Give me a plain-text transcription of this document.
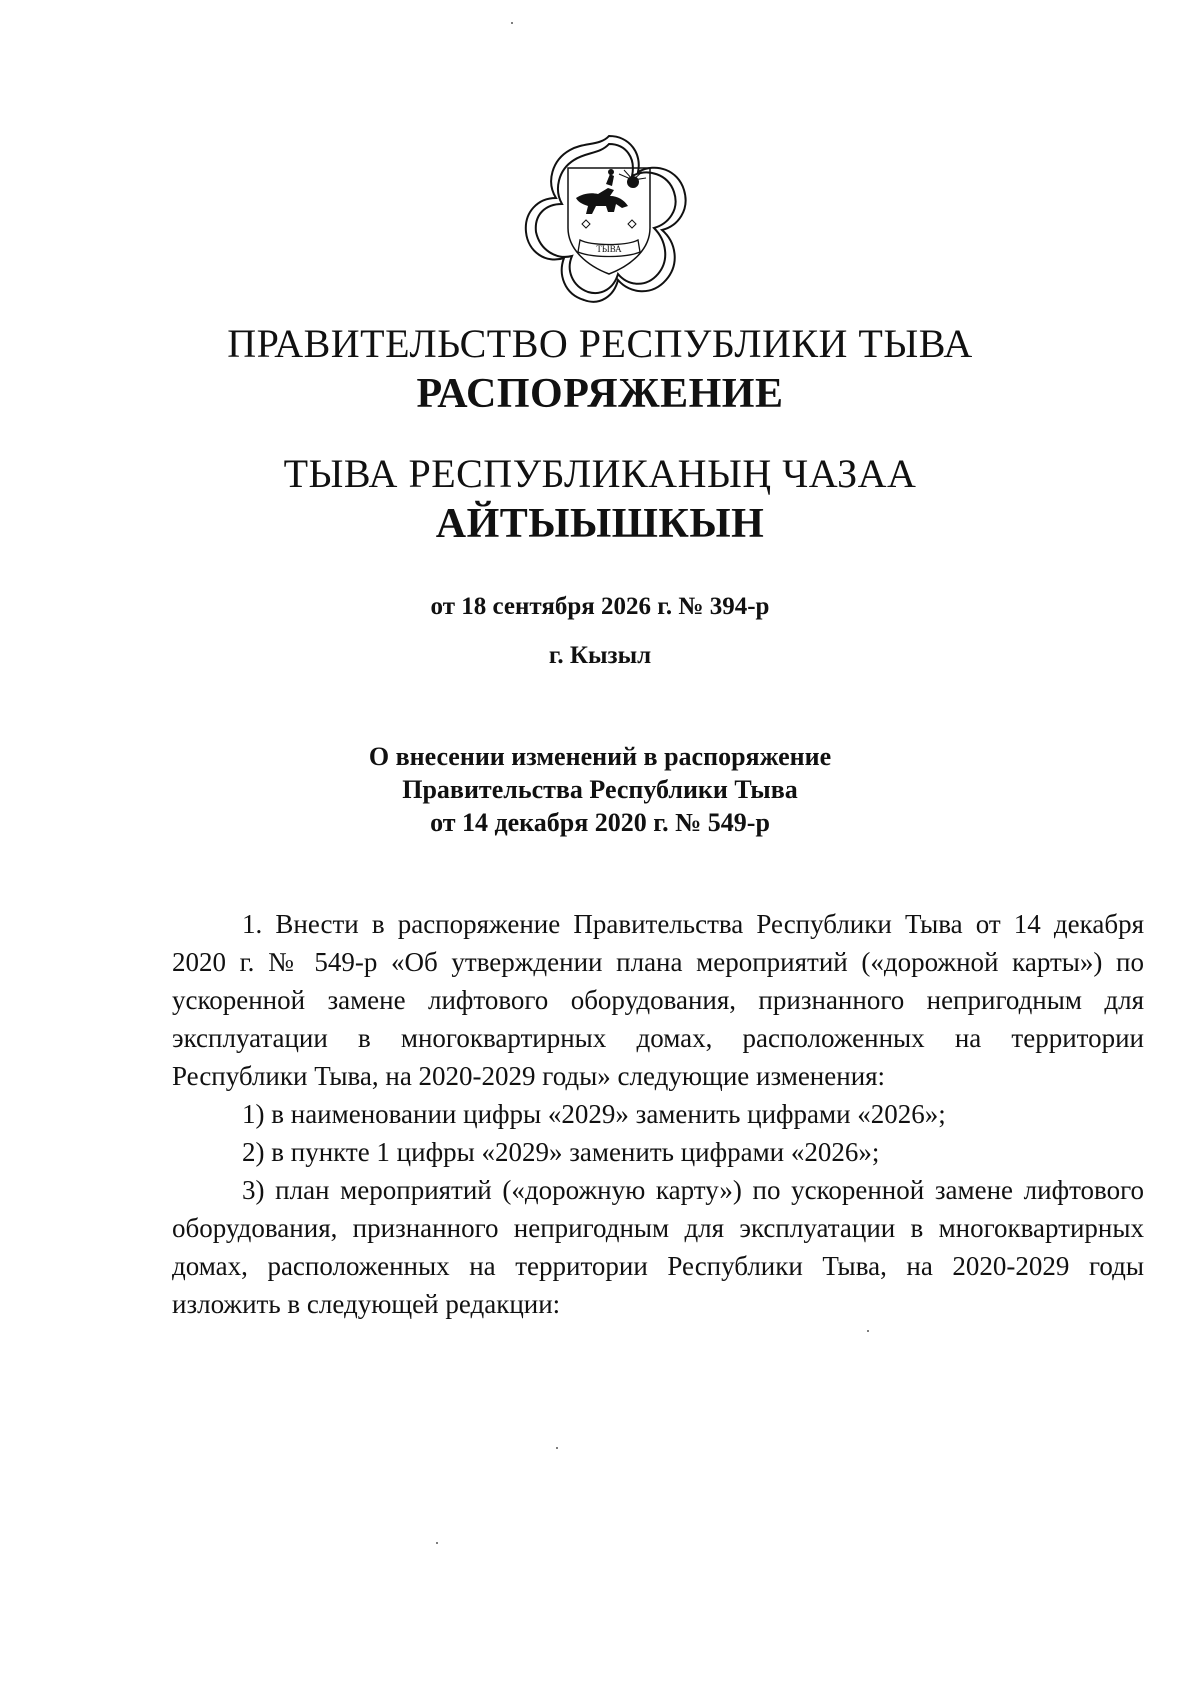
ТЫВА
ПРАВИТЕЛЬСТВО РЕСПУБЛИКИ ТЫВА
РАСПОРЯЖЕНИЕ
ТЫВА РЕСПУБЛИКАНЫҢ ЧАЗАА
АЙТЫЫШКЫН
от 18 сентября 2026 г. № 394-р
г. Кызыл
О внесении изменений в распоряжение
Правительства Республики Тыва
от 14 декабря 2020 г. № 549-р

1. Внести в распоряжение Правительства Республики Тыва от 14 декабря 2020 г. № 549-р «Об утверждении плана мероприятий («дорожной карты») по ускоренной замене лифтового оборудования, признанного непригодным для эксплуатации в многоквартирных домах, расположенных на территории Республики Тыва, на 2020-2029 годы» следующие изменения:

1) в наименовании цифры «2029» заменить цифрами «2026»;

2) в пункте 1 цифры «2029» заменить цифрами «2026»;

3) план мероприятий («дорожную карту») по ускоренной замене лифтового оборудования, признанного непригодным для эксплуатации в многоквартирных домах, расположенных на территории Республики Тыва, на 2020-2029 годы изложить в следующей редакции:
